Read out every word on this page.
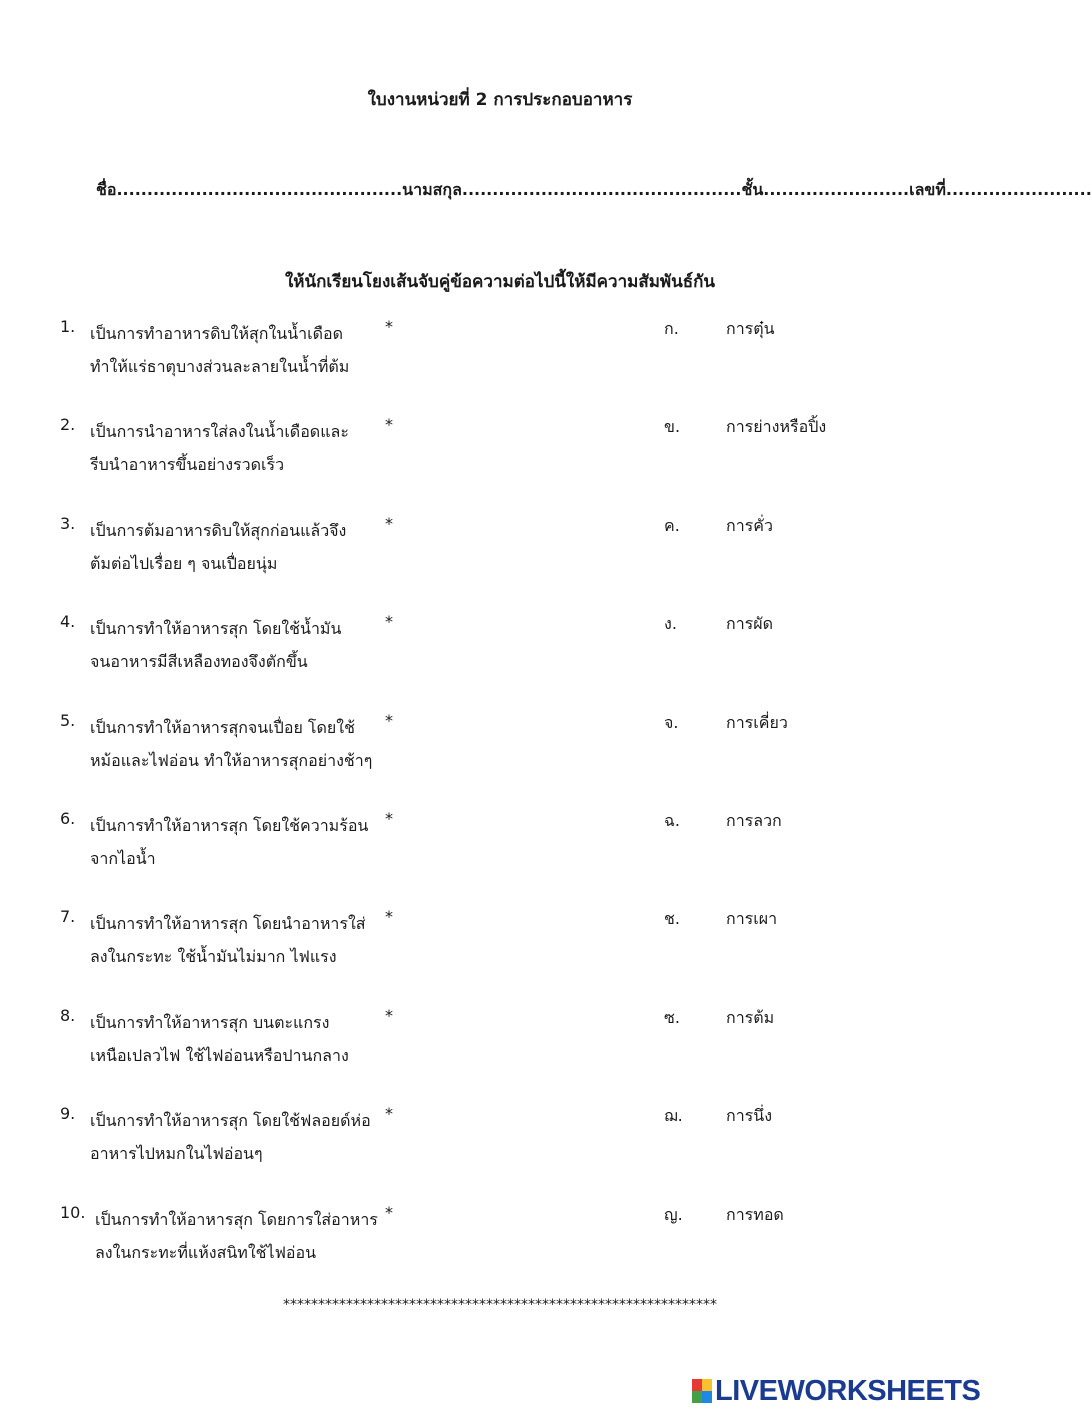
ใบงานหน่วยที่ 2 การประกอบอาหาร
ชื่อ...............................................นามสกุล..............................................ชั้น........................เลขที่........................
ให้นักเรียนโยงเส้นจับคู่ข้อความต่อไปนี้ให้มีความสัมพันธ์กัน
1. เป็นการทำอาหารดิบให้สุกในน้ำเดือด
ทำให้แร่ธาตุบางส่วนละลายในน้ำที่ต้ม
*	ก.	การตุ๋น
2. เป็นการนำอาหารใส่ลงในน้ำเดือดและ
รีบนำอาหารขึ้นอย่างรวดเร็ว
*	ข.	การย่างหรือปิ้ง
3. เป็นการต้มอาหารดิบให้สุกก่อนแล้วจึง
ต้มต่อไปเรื่อย ๆ จนเปื่อยนุ่ม
*	ค.	การคั่ว
4. เป็นการทำให้อาหารสุก โดยใช้น้ำมัน
จนอาหารมีสีเหลืองทองจึงตักขึ้น
*	ง.	การผัด
5. เป็นการทำให้อาหารสุกจนเปื่อย โดยใช้
หม้อและไฟอ่อน ทำให้อาหารสุกอย่างช้าๆ
*	จ.	การเคี่ยว
6. เป็นการทำให้อาหารสุก โดยใช้ความร้อน
จากไอน้ำ
*	ฉ.	การลวก
7. เป็นการทำให้อาหารสุก โดยนำอาหารใส่
ลงในกระทะ ใช้น้ำมันไม่มาก ไฟแรง
*	ช.	การเผา
8. เป็นการทำให้อาหารสุก บนตะแกรง
เหนือเปลวไฟ ใช้ไฟอ่อนหรือปานกลาง
*	ซ.	การต้ม
9. เป็นการทำให้อาหารสุก โดยใช้ฟลอยด์ห่อ
อาหารไปหมกในไฟอ่อนๆ
*	ฌ.	การนึ่ง
10. เป็นการทำให้อาหารสุก โดยการใส่อาหาร
ลงในกระทะที่แห้งสนิทใช้ไฟอ่อน
*	ญ.	การทอด
**************************************************************
LIVEWORKSHEETS
